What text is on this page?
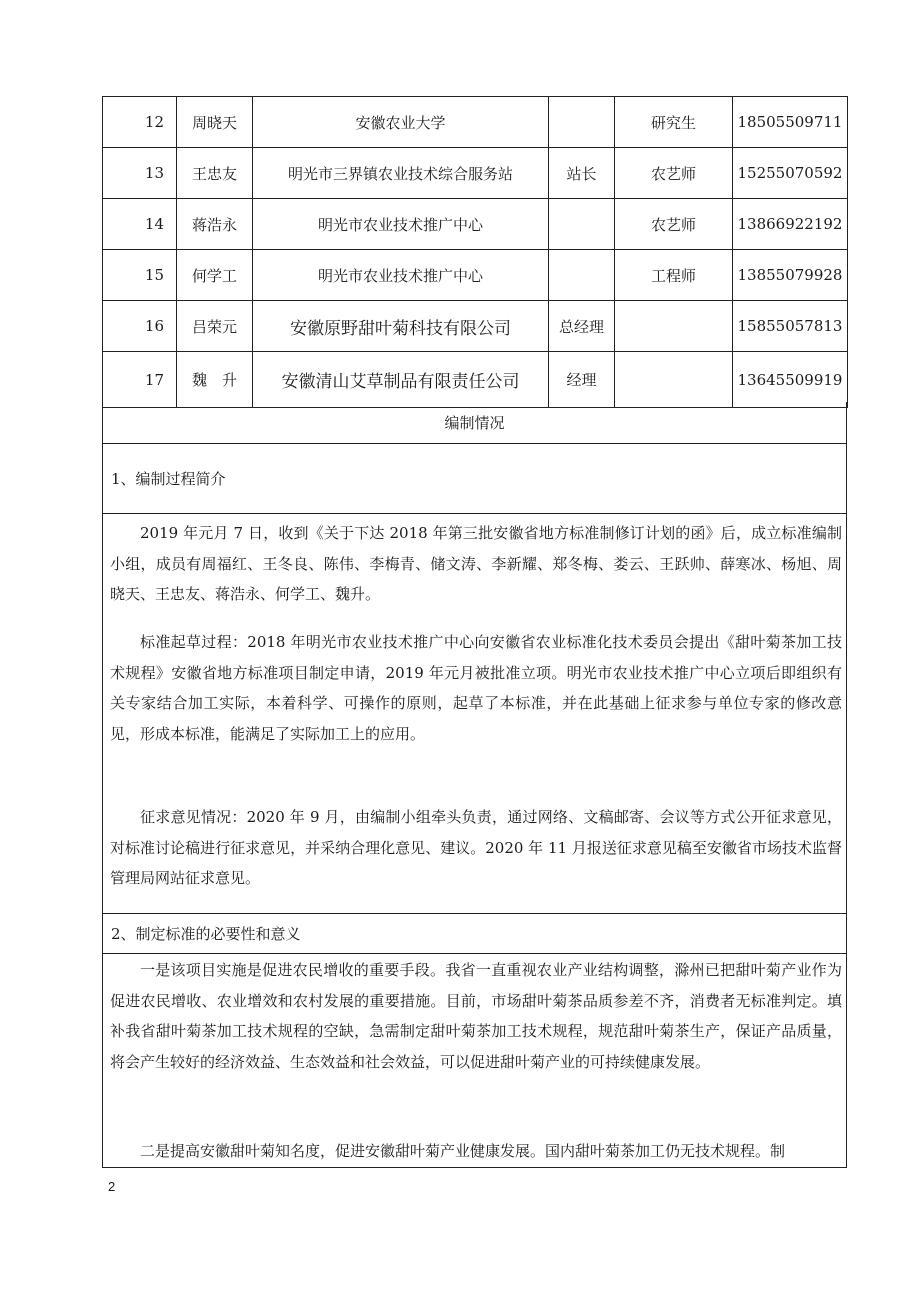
12	周晓天	安徽农业大学		研究生	18505509711
13	王忠友	明光市三界镇农业技术综合服务站	站长	农艺师	15255070592
14	蒋浩永	明光市农业技术推广中心		农艺师	13866922192
15	何学工	明光市农业技术推广中心		工程师	13855079928
16	吕荣元	安徽原野甜叶菊科技有限公司	总经理		15855057813
17	魏　升	安徽清山艾草制品有限责任公司	经理		13645509919
编制情况
1、编制过程简介

2019 年元月 7 日，收到《关于下达 2018 年第三批安徽省地方标准制修订计划的函》后，成立标准编制小组，成员有周福红、王冬良、陈伟、李梅青、储文涛、李新耀、郑冬梅、娄云、王跃帅、薛寒冰、杨旭、周晓天、王忠友、蒋浩永、何学工、魏升。

标准起草过程：2018 年明光市农业技术推广中心向安徽省农业标准化技术委员会提出《甜叶菊茶加工技术规程》安徽省地方标准项目制定申请，2019 年元月被批准立项。明光市农业技术推广中心立项后即组织有关专家结合加工实际，本着科学、可操作的原则，起草了本标准，并在此基础上征求参与单位专家的修改意见，形成本标准，能满足了实际加工上的应用。

征求意见情况：2020 年 9 月，由编制小组牵头负责，通过网络、文稿邮寄、会议等方式公开征求意见，对标准讨论稿进行征求意见，并采纳合理化意见、建议。2020 年 11 月报送征求意见稿至安徽省市场技术监督管理局网站征求意见。

2、制定标准的必要性和意义

一是该项目实施是促进农民增收的重要手段。我省一直重视农业产业结构调整，滁州已把甜叶菊产业作为促进农民增收、农业增效和农村发展的重要措施。目前，市场甜叶菊茶品质参差不齐，消费者无标准判定。填补我省甜叶菊茶加工技术规程的空缺，急需制定甜叶菊茶加工技术规程，规范甜叶菊茶生产，保证产品质量，将会产生较好的经济效益、生态效益和社会效益，可以促进甜叶菊产业的可持续健康发展。

二是提高安徽甜叶菊知名度，促进安徽甜叶菊产业健康发展。国内甜叶菊茶加工仍无技术规程。制

2
